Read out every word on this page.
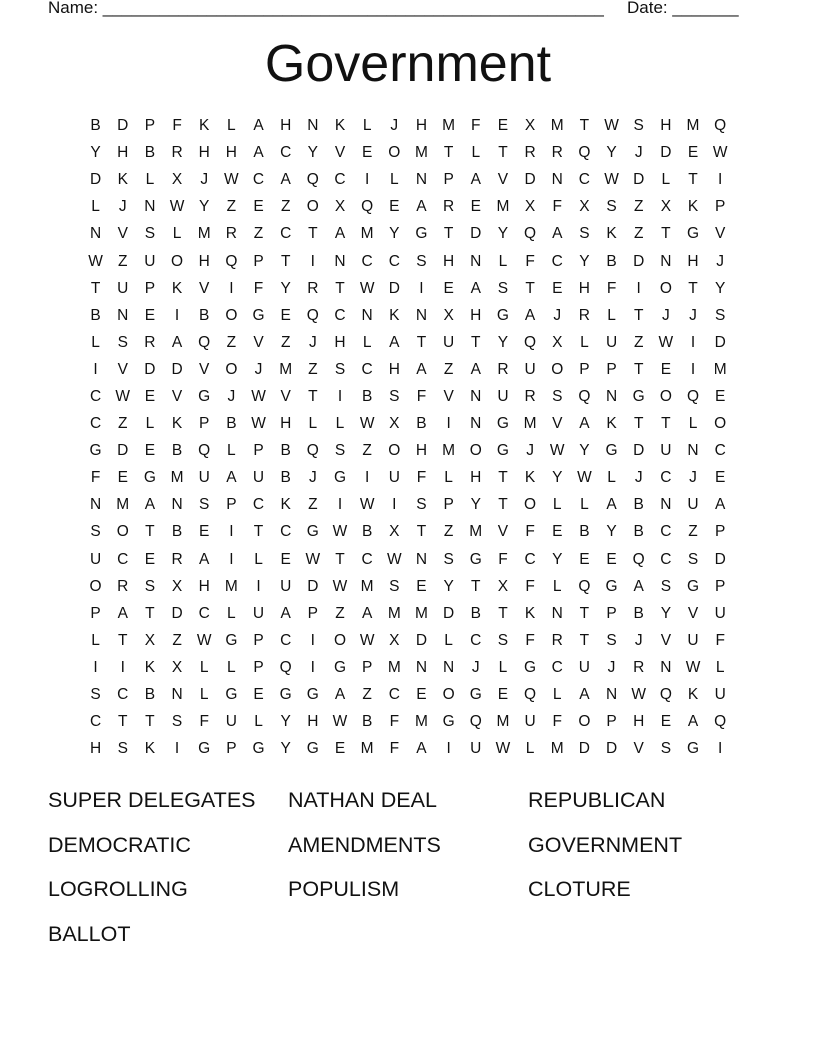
Name: _____________________________________________________ Date: _______
Government
B	D	P	F	K	L	A	H	N	K	L	J	H M	F	E	X	M	T W S	H M Q
Y	H	B	R	H	H	A	C	Y	V	E	O M	T	L	T	R	R	Q	Y	J	D	E W
D	K	L	X	J	W C	A	Q	C	I	L	N	P	A	V	D	N	C W D	L	T	I
L	J	N W Y	Z	E	Z	O	X	Q	E	A	R	E	M	X	F	X	S	Z	X	K	P
N	V	S	L	M R	Z	C	T	A	M	Y	G	T	D	Y	Q	A	S	K	Z	T	G	V
W Z	U	O	H	Q	P	T	I	N	C	C	S	H	N	L	F	C	Y	B	D	N	H	J
T	U	P	K	V	I	F	Y	R	T W D	I	E	A	S	T	E	H	F	I	O	T	Y
B	N	E	I	B	O G	E	Q	C	N	K	N	X	H	G	A	J	R	L	T	J	J	S
L	S	R	A	Q	Z	V	Z	J	H	L	A	T	U	T	Y	Q	X	L	U	Z W	I	D
I	V	D	D	V	O	J	M	Z	S	C	H	A	Z	A	R	U	O	P	P	T	E	I	M
C W E	V	G	J	W V	T	I	B	S	F	V	N	U	R	S	Q	N	G O Q	E
C	Z	L	K	P	B W H	L	L	W X	B	I	N	G M	V	A	K	T	T	L	O
G	D	E	B	Q	L	P	B	Q	S	Z	O	H M O G	J	W Y	G	D	U	N	C
F	E	G M U	A	U	B	J	G	I	U	F	L	H	T	K	Y W	L	J	C	J	E
N M	A	N	S	P	C	K	Z	I	W	I	S	P	Y	T	O	L	L	A	B	N	U	A
S	O	T	B	E	I	T	C	G W B	X	T	Z	M	V	F	E	B	Y	B	C	Z	P
U	C	E	R	A	I	L	E W T	C W N	S	G	F	C	Y	E	E	Q	C	S	D
O	R	S	X	H M	I	U	D W M	S	E	Y	T	X	F	L	Q G	A	S	G	P
P	A	T	D	C	L	U	A	P	Z	A	M M D	B	T	K	N	T	P	B	Y	V	U
L	T	X	Z W G	P	C	I	O W X	D	L	C	S	F	R	T	S	J	V	U	F
I	I	K	X	L	L	P	Q	I	G	P	M N	N	J	L	G	C	U	J	R	N W	L
S	C	B	N	L	G	E	G G	A	Z	C	E	O G	E	Q	L	A	N W Q	K	U
C	T	T	S	F	U	L	Y	H W B	F	M G Q M U	F	O	P	H	E	A	Q
H	S	K	I	G	P	G	Y	G	E	M	F	A	I	U W	L	M D	D	V	S	G	I
SUPER DELEGATES	NATHAN DEAL	REPUBLICAN
DEMOCRATIC	AMENDMENTS	GOVERNMENT
LOGROLLING	POPULISM	CLOTURE
BALLOT
